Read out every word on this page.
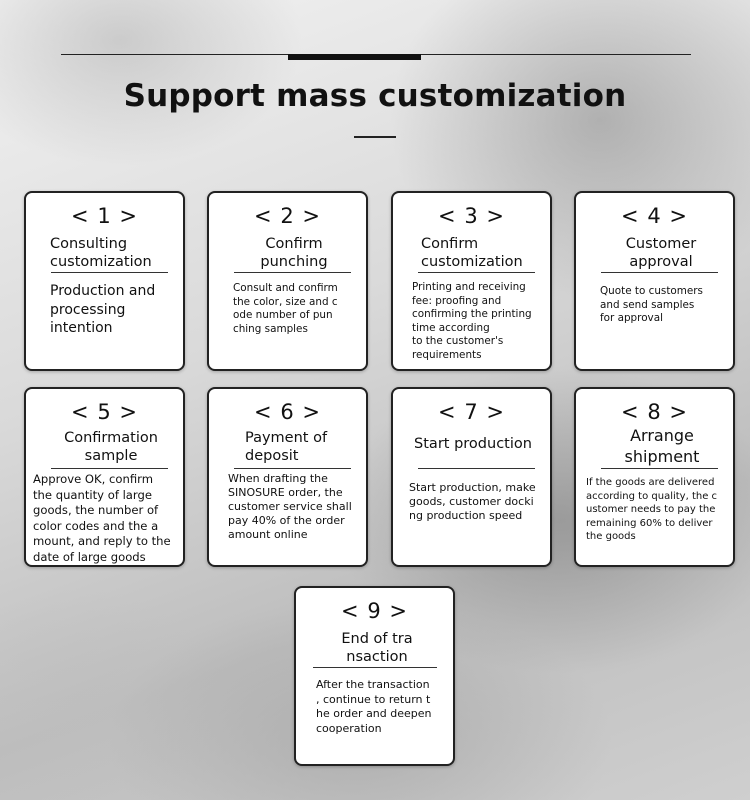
Support mass customization
< 1 >
Consulting
customization
Production and
processing
intention
< 2 >
Confirm
punching
Consult and confirm
the color, size and c
ode number of pun
ching samples
< 3 >
Confirm
customization
Printing and receiving
fee: proofing and
confirming the printing
time according
to the customer's
requirements
< 4 >
Customer
approval
Quote to customers
and send samples
for approval
< 5 >
Confirmation
sample
Approve OK, confirm
the quantity of large
goods, the number of
color codes and the a
mount, and reply to the
date of large goods
< 6 >
Payment of
deposit
When drafting the
SINOSURE order, the
customer service shall
pay 40% of the order
amount online
< 7 >
Start production
Start production, make
goods, customer docki
ng production speed
< 8 >
Arrange
shipment
If the goods are delivered
according to quality, the c
ustomer needs to pay the
remaining 60% to deliver
the goods
< 9 >
End of tra
nsaction
After the transaction
, continue to return t
he order and deepen
cooperation
